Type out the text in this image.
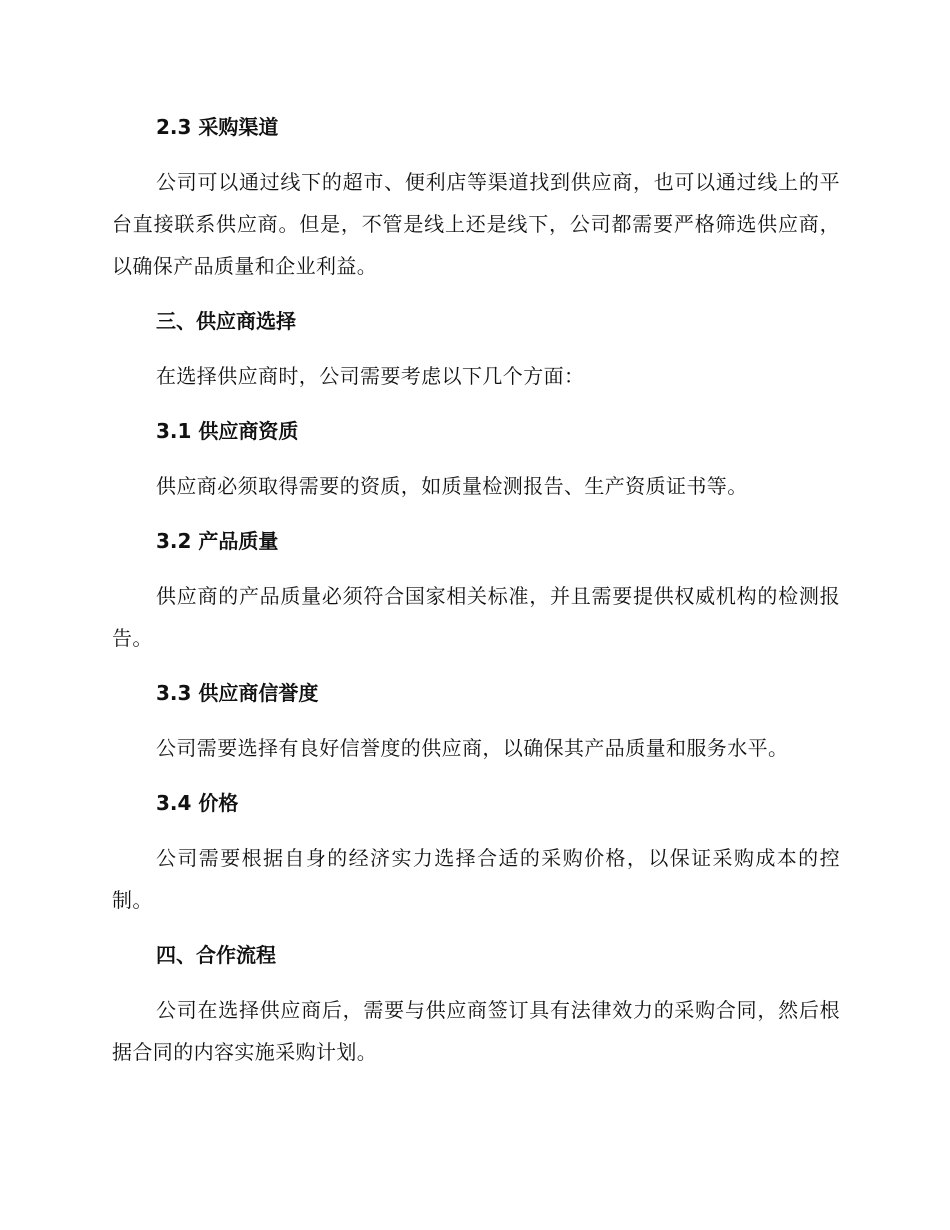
2.3 采购渠道

公司可以通过线下的超市、便利店等渠道找到供应商，也可以通过线上的平台直接联系供应商。但是，不管是线上还是线下，公司都需要严格筛选供应商，以确保产品质量和企业利益。

三、供应商选择

在选择供应商时，公司需要考虑以下几个方面：

3.1 供应商资质

供应商必须取得需要的资质，如质量检测报告、生产资质证书等。

3.2 产品质量

供应商的产品质量必须符合国家相关标准，并且需要提供权威机构的检测报告。

3.3 供应商信誉度

公司需要选择有良好信誉度的供应商，以确保其产品质量和服务水平。

3.4 价格

公司需要根据自身的经济实力选择合适的采购价格，以保证采购成本的控制。

四、合作流程

公司在选择供应商后，需要与供应商签订具有法律效力的采购合同，然后根据合同的内容实施采购计划。
